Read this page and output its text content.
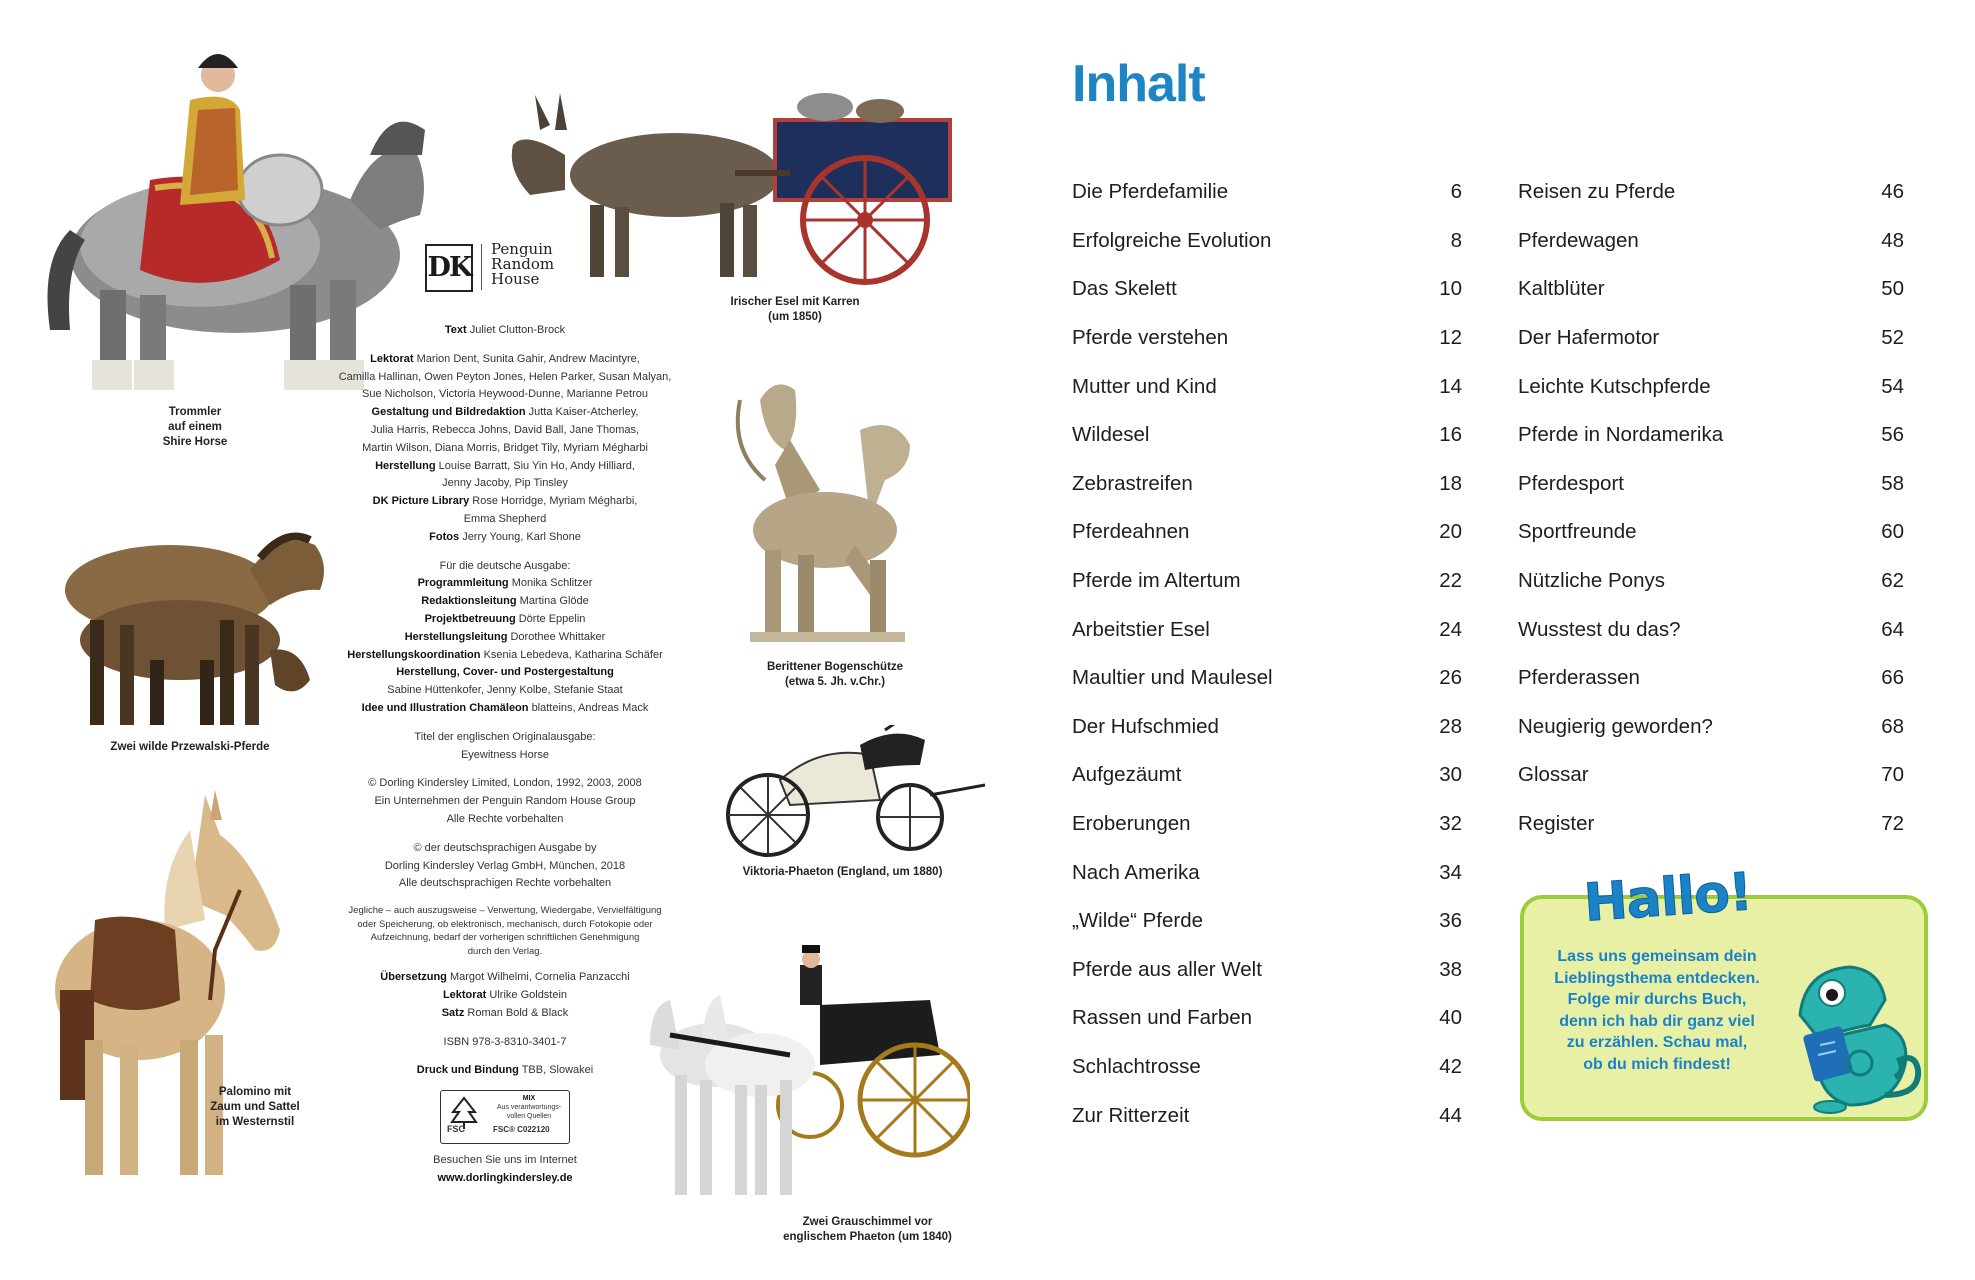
Trommler
auf einem
Shire Horse
Irischer Esel mit Karren
(um 1850)
DK
Penguin
Random
House
Text Juliet Clutton-Brock
Lektorat Marion Dent, Sunita Gahir, Andrew Macintyre,
Camilla Hallinan, Owen Peyton Jones, Helen Parker, Susan Malyan,
Sue Nicholson, Victoria Heywood-Dunne, Marianne Petrou
Gestaltung und Bildredaktion Jutta Kaiser-Atcherley,
Julia Harris, Rebecca Johns, David Ball, Jane Thomas,
Martin Wilson, Diana Morris, Bridget Tily, Myriam Mégharbi
Herstellung Louise Barratt, Siu Yin Ho, Andy Hilliard,
Jenny Jacoby, Pip Tinsley
DK Picture Library Rose Horridge, Myriam Mégharbi,
Emma Shepherd
Fotos Jerry Young, Karl Shone
Für die deutsche Ausgabe:
Programmleitung Monika Schlitzer
Redaktionsleitung Martina Glöde
Projektbetreuung Dörte Eppelin
Herstellungsleitung Dorothee Whittaker
Herstellungskoordination Ksenia Lebedeva, Katharina Schäfer
Herstellung, Cover- und Postergestaltung
Sabine Hüttenkofer, Jenny Kolbe, Stefanie Staat
Idee und Illustration Chamäleon blatteins, Andreas Mack
Titel der englischen Originalausgabe:
Eyewitness Horse
© Dorling Kindersley Limited, London, 1992, 2003, 2008
Ein Unternehmen der Penguin Random House Group
Alle Rechte vorbehalten
© der deutschsprachigen Ausgabe by
Dorling Kindersley Verlag GmbH, München, 2018
Alle deutschsprachigen Rechte vorbehalten
Jegliche – auch auszugsweise – Verwertung, Wiedergabe, Vervielfältigung
oder Speicherung, ob elektronisch, mechanisch, durch Fotokopie oder
Aufzeichnung, bedarf der vorherigen schriftlichen Genehmigung
durch den Verlag.
Übersetzung Margot Wilhelmi, Cornelia Panzacchi
Lektorat Ulrike Goldstein
Satz Roman Bold & Black
ISBN 978-3-8310-3401-7
Druck und Bindung TBB, Slowakei
FSC
MIX
Aus verantwortungs-vollen Quellen
FSC® C022120
Besuchen Sie uns im Internet
www.dorlingkindersley.de
Zwei wilde Przewalski-Pferde
Berittener Bogenschütze
(etwa 5. Jh. v.Chr.)
Viktoria-Phaeton (England, um 1880)
Palomino mit
Zaum und Sattel
im Westernstil
Zwei Grauschimmel vor
englischem Phaeton (um 1840)
Inhalt
Die Pferdefamilie	6
Erfolgreiche Evolution	8
Das Skelett	10
Pferde verstehen	12
Mutter und Kind	14
Wildesel	16
Zebrastreifen	18
Pferdeahnen	20
Pferde im Altertum	22
Arbeitstier Esel	24
Maultier und Maulesel	26
Der Hufschmied	28
Aufgezäumt	30
Eroberungen	32
Nach Amerika	34
„Wilde“ Pferde	36
Pferde aus aller Welt	38
Rassen und Farben	40
Schlachtrosse	42
Zur Ritterzeit	44
Reisen zu Pferde	46
Pferdewagen	48
Kaltblüter	50
Der Hafermotor	52
Leichte Kutschpferde	54
Pferde in Nordamerika	56
Pferdesport	58
Sportfreunde	60
Nützliche Ponys	62
Wusstest du das?	64
Pferderassen	66
Neugierig geworden?	68
Glossar	70
Register	72
Hallo!
Lass uns gemeinsam dein
Lieblingsthema entdecken.
Folge mir durchs Buch,
denn ich hab dir ganz viel
zu erzählen. Schau mal,
ob du mich findest!
